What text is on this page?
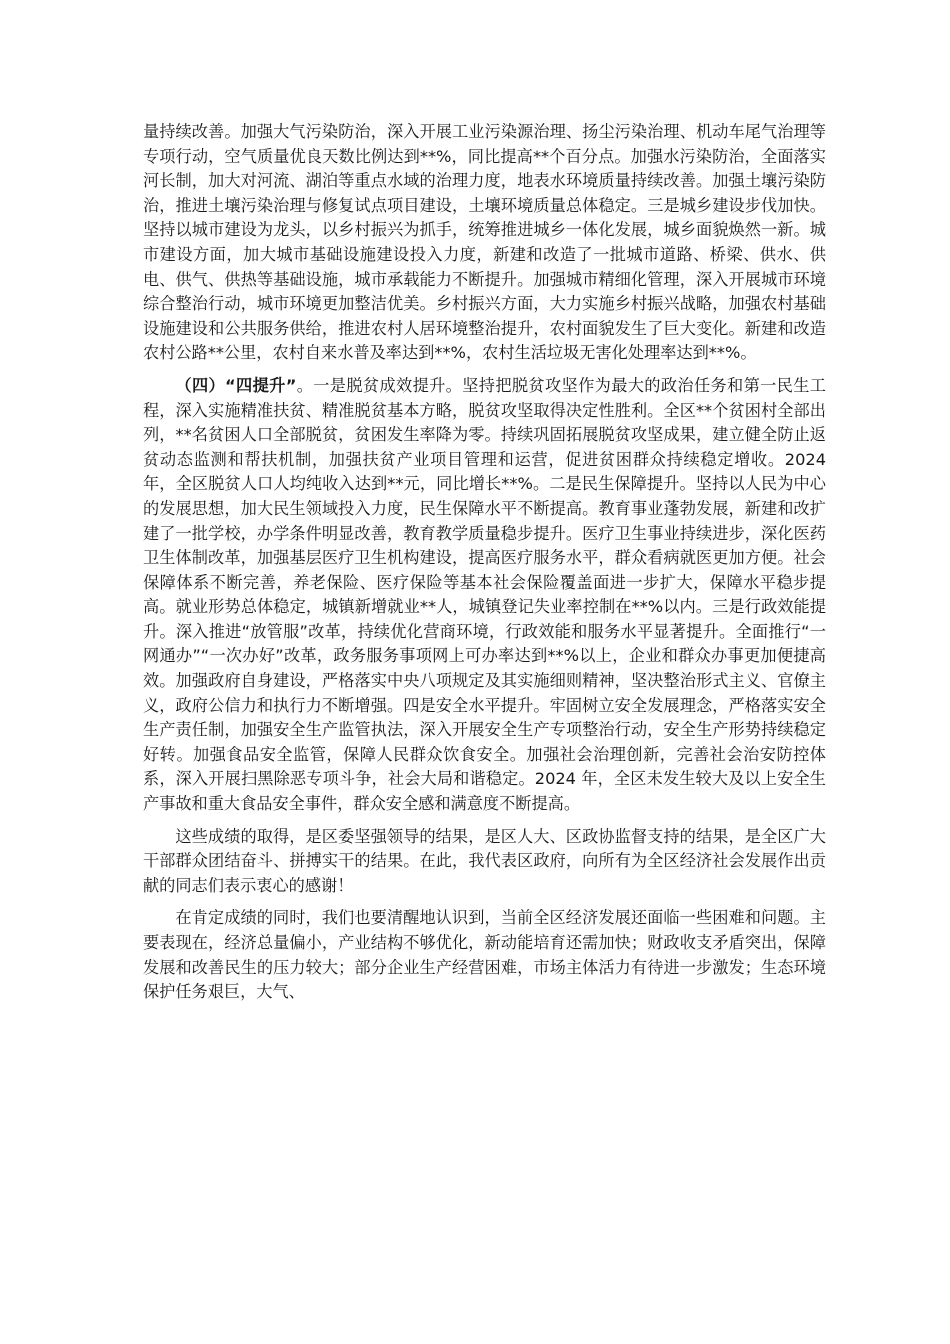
量持续改善。加强大气污染防治，深入开展工业污染源治理、扬尘污染治理、机动车尾气治理等专项行动，空气质量优良天数比例达到**%，同比提高**个百分点。加强水污染防治，全面落实河长制，加大对河流、湖泊等重点水域的治理力度，地表水环境质量持续改善。加强土壤污染防治，推进土壤污染治理与修复试点项目建设，土壤环境质量总体稳定。三是城乡建设步伐加快。坚持以城市建设为龙头，以乡村振兴为抓手，统筹推进城乡一体化发展，城乡面貌焕然一新。城市建设方面，加大城市基础设施建设投入力度，新建和改造了一批城市道路、桥梁、供水、供电、供气、供热等基础设施，城市承载能力不断提升。加强城市精细化管理，深入开展城市环境综合整治行动，城市环境更加整洁优美。乡村振兴方面，大力实施乡村振兴战略，加强农村基础设施建设和公共服务供给，推进农村人居环境整治提升，农村面貌发生了巨大变化。新建和改造农村公路**公里，农村自来水普及率达到**%，农村生活垃圾无害化处理率达到**%。

（四）“四提升”。一是脱贫成效提升。坚持把脱贫攻坚作为最大的政治任务和第一民生工程，深入实施精准扶贫、精准脱贫基本方略，脱贫攻坚取得决定性胜利。全区**个贫困村全部出列，**名贫困人口全部脱贫，贫困发生率降为零。持续巩固拓展脱贫攻坚成果，建立健全防止返贫动态监测和帮扶机制，加强扶贫产业项目管理和运营，促进贫困群众持续稳定增收。2024 年，全区脱贫人口人均纯收入达到**元，同比增长**%。二是民生保障提升。坚持以人民为中心的发展思想，加大民生领域投入力度，民生保障水平不断提高。教育事业蓬勃发展，新建和改扩建了一批学校，办学条件明显改善，教育教学质量稳步提升。医疗卫生事业持续进步，深化医药卫生体制改革，加强基层医疗卫生机构建设，提高医疗服务水平，群众看病就医更加方便。社会保障体系不断完善，养老保险、医疗保险等基本社会保险覆盖面进一步扩大，保障水平稳步提高。就业形势总体稳定，城镇新增就业**人，城镇登记失业率控制在**%以内。三是行政效能提升。深入推进“放管服”改革，持续优化营商环境，行政效能和服务水平显著提升。全面推行“一网通办”“一次办好”改革，政务服务事项网上可办率达到**%以上，企业和群众办事更加便捷高效。加强政府自身建设，严格落实中央八项规定及其实施细则精神，坚决整治形式主义、官僚主义，政府公信力和执行力不断增强。四是安全水平提升。牢固树立安全发展理念，严格落实安全生产责任制，加强安全生产监管执法，深入开展安全生产专项整治行动，安全生产形势持续稳定好转。加强食品安全监管，保障人民群众饮食安全。加强社会治理创新，完善社会治安防控体系，深入开展扫黑除恶专项斗争，社会大局和谐稳定。2024 年，全区未发生较大及以上安全生产事故和重大食品安全事件，群众安全感和满意度不断提高。

这些成绩的取得，是区委坚强领导的结果，是区人大、区政协监督支持的结果，是全区广大干部群众团结奋斗、拼搏实干的结果。在此，我代表区政府，向所有为全区经济社会发展作出贡献的同志们表示衷心的感谢！

在肯定成绩的同时，我们也要清醒地认识到，当前全区经济发展还面临一些困难和问题。主要表现在，经济总量偏小，产业结构不够优化，新动能培育还需加快；财政收支矛盾突出，保障发展和改善民生的压力较大；部分企业生产经营困难，市场主体活力有待进一步激发；生态环境保护任务艰巨，大气、
